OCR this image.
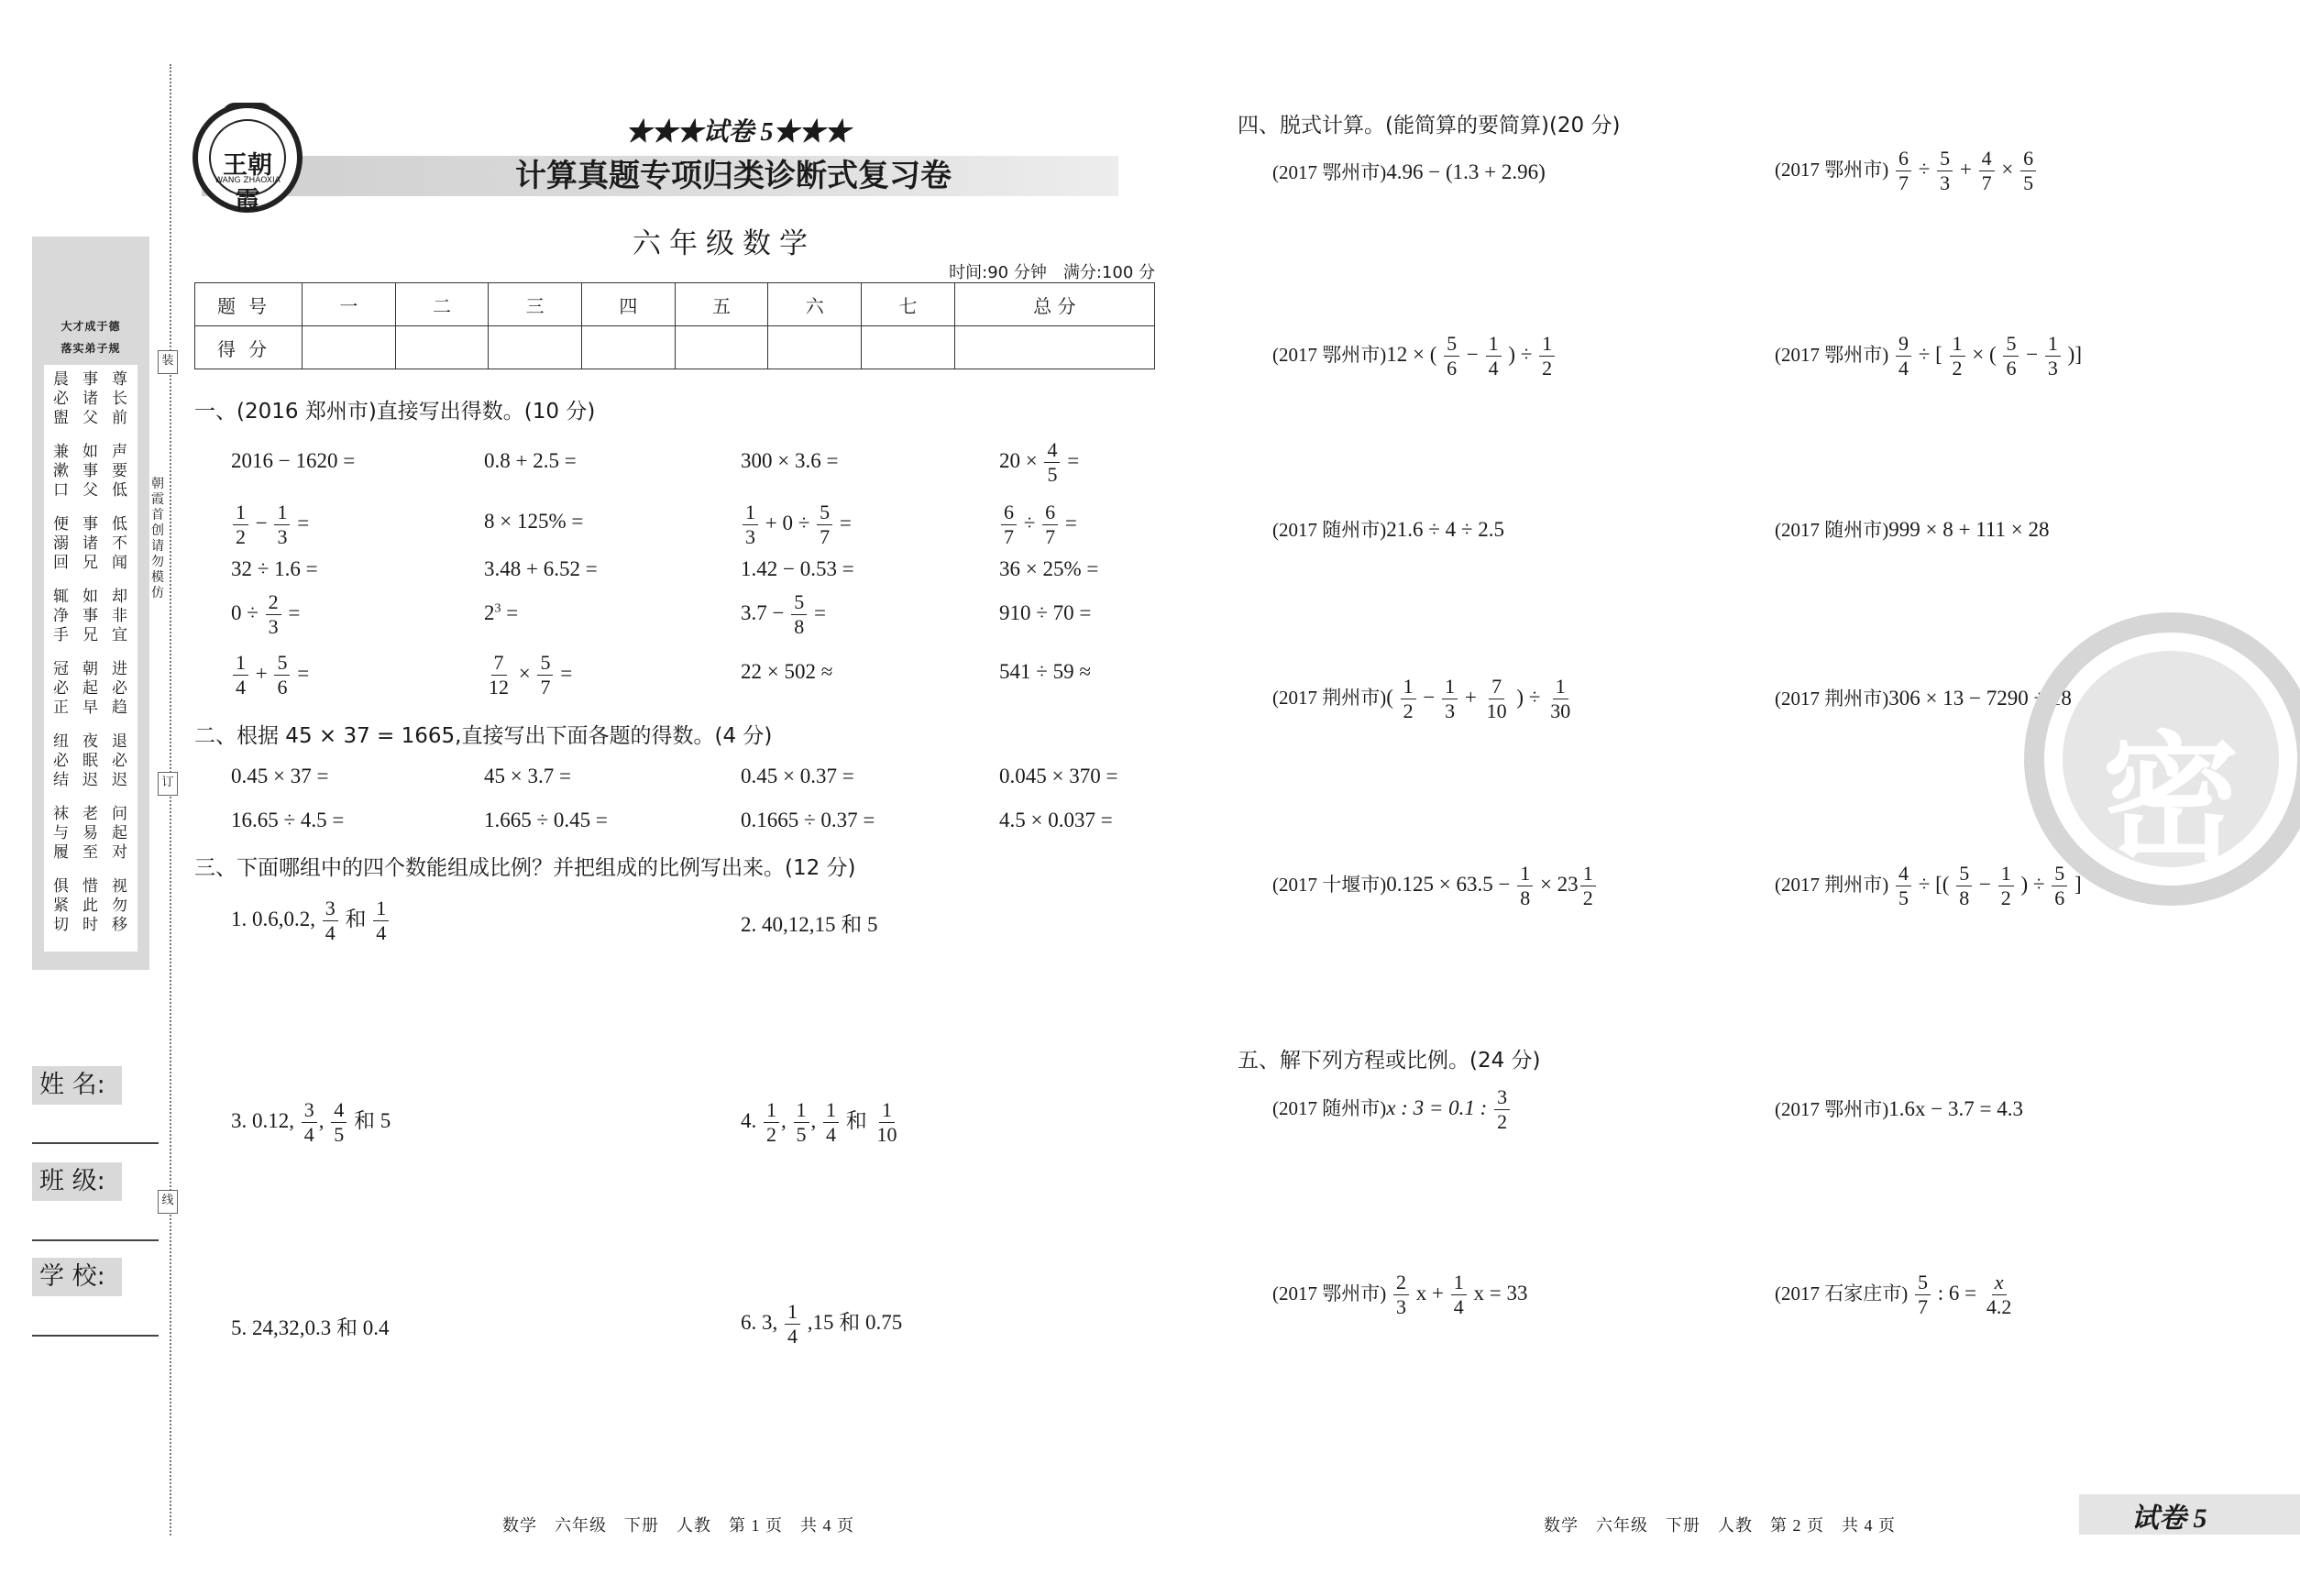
大才成于德
落实弟子规
晨必盥
事诸父
尊长前
兼漱口
如事父
声要低
便溺回
事诸兄
低不闻
辄净手
如事兄
却非宜
冠必正
朝起早
进必趋
纽必结
夜眠迟
退必迟
袜与履
老易至
问起对
俱紧切
惜此时
视勿移
装
订
线
朝霞首创　请勿模仿
姓 名:
班 级:
学 校:
王朝霞
WANG ZHAOXIA
★★★试卷 5★★★
计算真题专项归类诊断式复习卷
六年级数学
时间:90 分钟　满分:100 分
题号	一	二	三	四	五	六	七	总 分
得分								
一、(2016 郑州市)直接写出得数。(10 分)
2016 − 1620 =	0.8 + 2.5 =	300 × 3.6 =	$20 \times \frac{4}{5}$ =
$\frac{1}{2} - \frac{1}{3}$ =	8 × 125% =	$\frac{1}{3} + 0 \div \frac{5}{7}$ =	$\frac{6}{7} \div \frac{6}{7}$ =
32 ÷ 1.6 =	3.48 + 6.52 =	1.42 − 0.53 =	36 × 25% =
$0 \div \frac{2}{3}$ =	$2^3$ =	$3.7 - \frac{5}{8}$ =	910 ÷ 70 =
$\frac{1}{4} + \frac{5}{6}$ =	$\frac{7}{12} \times \frac{5}{7}$ =	22 × 502 ≈	541 ÷ 59 ≈
二、根据 45 × 37 = 1665,直接写出下面各题的得数。(4 分)
0.45 × 37 =	45 × 3.7 =	0.45 × 0.37 =	0.045 × 370 =
16.65 ÷ 4.5 =	1.665 ÷ 0.45 =	0.1665 ÷ 0.37 =	4.5 × 0.037 =
三、下面哪组中的四个数能组成比例？并把组成的比例写出来。(12 分)
1. 0.6,0.2, $\frac{3}{4}$ 和 $\frac{1}{4}$	2. 40,12,15 和 5
3. 0.12, $\frac{3}{4}$ , $\frac{4}{5}$ 和 5	4. $\frac{1}{2}$ , $\frac{1}{5}$ , $\frac{1}{4}$ 和 $\frac{1}{10}$
5. 24,32,0.3 和 0.4	6. 3, $\frac{1}{4} ,15$ 和 0.75
四、脱式计算。(能简算的要简算)(20 分)
(2017 鄂州市)4.96 − (1.3 + 2.96)	(2017 鄂州市) $\frac{6}{7} \div \frac{5}{3} + \frac{4}{7} \times \frac{6}{5}$
(2017 鄂州市)12 × ( $\frac{5}{6} - \frac{1}{4}$ ) ÷ $\frac{1}{2}$	(2017 鄂州市) $\frac{9}{4}$ ÷ [ $\frac{1}{2}$ × ( $\frac{5}{6} - \frac{1}{3}$ )]
(2017 随州市)21.6 ÷ 4 ÷ 2.5	(2017 随州市)999 × 8 + 111 × 28
(2017 荆州市)( $\frac{1}{2} - \frac{1}{3} + \frac{7}{10}$ ) ÷ $\frac{1}{30}$	(2017 荆州市)306 × 13 − 7290 ÷ 18
(2017 十堰市)$0.125 \times 63.5 - \frac{1}{8} \times 23 \frac{1}{2}$	(2017 荆州市) $\frac{4}{5}$ ÷ [( $\frac{5}{8} - \frac{1}{2}$ ) ÷ $\frac{5}{6}$ ]
密
五、解下列方程或比例。(24 分)
(2017 随州市)x : 3 = 0.1 : $\frac{3}{2}$	(2017 鄂州市)1.6x − 3.7 = 4.3
(2017 鄂州市) $\frac{2}{3}$ $x + \frac{1}{4}$ x = 33	(2017 石家庄市) $\frac{5}{7}$ : $6 = \frac{x}{4.2}$
数学　六年级　下册　人教　第 1 页　共 4 页	数学　六年级　下册　人教　第 2 页　共 4 页	试卷 5
